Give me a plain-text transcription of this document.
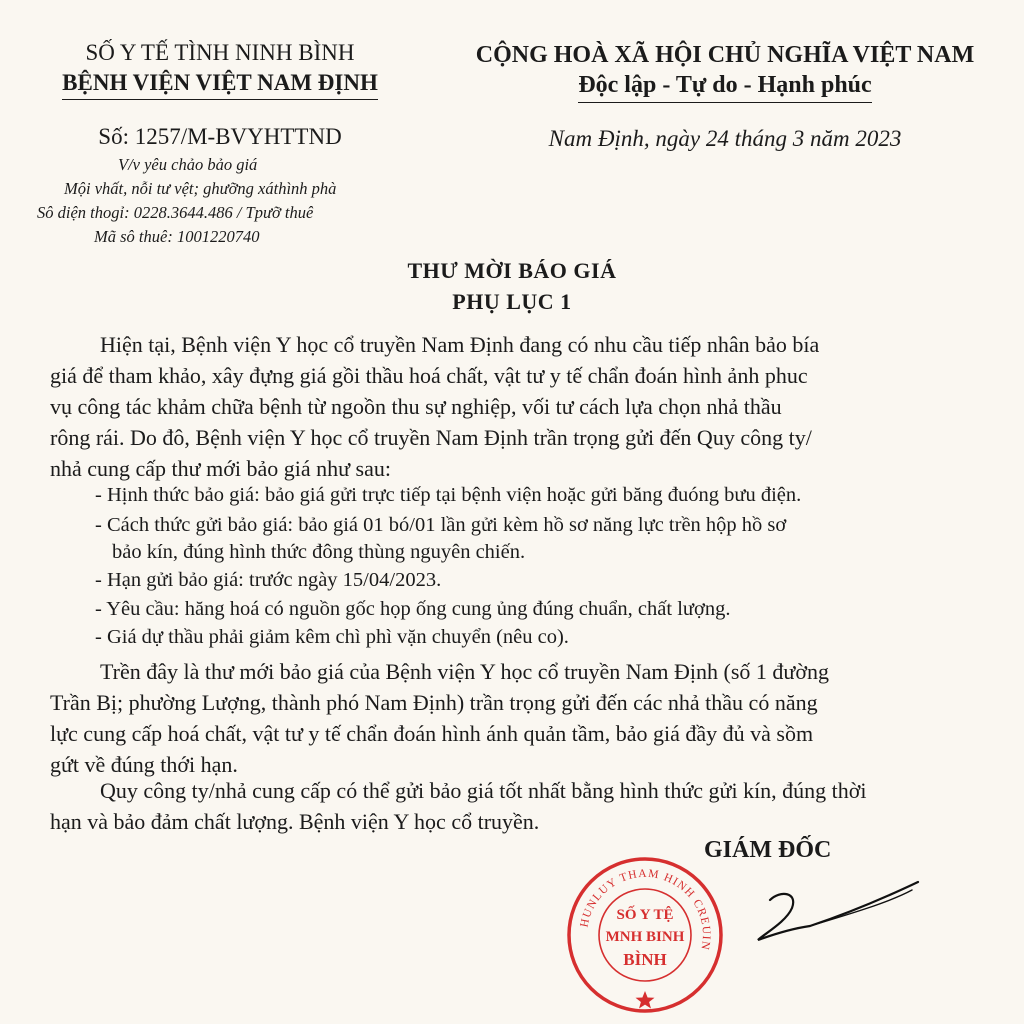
SỐ Y TẾ TÌNH NINH BÌNH
BỆNH VIỆN VIỆT NAM ĐỊNH
Số: 1257/M-BVYHTTND
V/v yêu chảo bảo giá
Mội vhất, nỗi tư vệt; ghưỡng xáthình phà
Sô diện thogỉ: 0228.3644.486 / Tрưỡ thuê
Mã sô thuê: 1001220740
CỘNG HOÀ XÃ HỘI CHỦ NGHĨA VIỆT NAM
Độc lập - Tự do - Hạnh phúc
Nam Định, ngày 24 tháng 3 năm 2023
THƯ MỜI BÁO GIÁ
PHỤ LỤC 1
Hiện tại, Bệnh viện Y học cổ truyền Nam Định đang có nhu cầu tiếp nhân bảo bía
giá để tham khảo, xây đựng giá gồi thầu hoá chất, vật tư y tế chẩn đoán hình ảnh phuc
vụ công tác khảm chữa bệnh từ ngoồn thu sự nghiệp, vối tư cách lựa chọn nhả thầu
rông rái. Do đô, Bệnh viện Y học cổ truyền Nam Định trần trọng gửi đến Quy công ty/
nhả cung cấp thư mới bảo giá như sau:
- Hịnh thức bảo giá: bảo giá gửi trực tiếp tại bệnh viện hoặc gửi băng đuóng bưu điện.
- Cách thức gửi bảo giá: bảo giá 01 bó/01 lần gửi kèm hồ sơ năng lực trền hộp hồ sơ
bảo kín, đúng hình thức đông thùng nguyên chiến.
- Hạn gửi bảo giá: trước ngày 15/04/2023.
- Yêu cầu: hăng hoá có nguồn gốc họp ống cung ủng đúng chuẩn, chất lượng.
- Giá dự thầu phải giảm kêm chì phì vặn chuyển (nêu co).
Trền đây là thư mới bảo giá của Bệnh viện Y học cổ truyền Nam Định (số 1 đường
Trần Bị; phường Lượng, thành phó Nam Định) trần trọng gửi đến các nhả thầu có năng
lực cung cấp hoá chất, vật tư y tế chẩn đoán hình ánh quản tầm, bảo giá đầy đủ và sồm
gứt về đúng thới hạn.
Quy công ty/nhả cung cấp có thể gửi bảo giá tốt nhất bằng hình thức gửi kín, đúng thời
hạn và bảo đảm chất lượng. Bệnh viện Y học cổ truyền.
GIÁM ĐỐC
HUNLUY THAM HINH CREUIN
SỐ Y TỆ
MNH BINH
BÌNH
